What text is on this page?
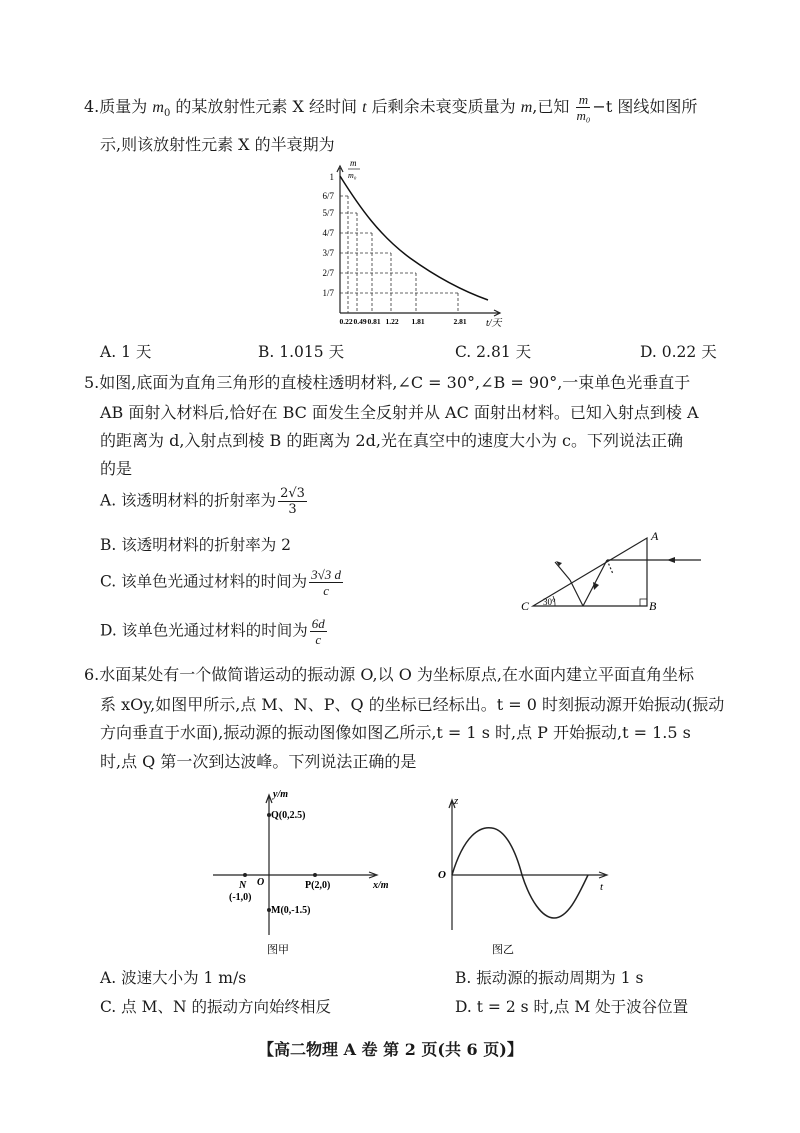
4.质量为 $m_0$ 的某放射性元素 X 经时间 t 后剩余未衰变质量为 m,已知 $\frac{m}{\text{m₀}} -t$ 图线如图所
示,则该放射性元素 X 的半衰期为
m
m₀
1
6/7
5/7
4/7
3/7
2/7
1/7
0.22 0.49 0.81 1.22 1.81	2.81 t/天
A. 1 天	B. 1.015 天	C. 2.81 天	D. 0.22 天
5.如图,底面为直角三角形的直棱柱透明材料,∠C = 30°,∠B = 90°,一束单色光垂直于
AB 面射入材料后,恰好在 BC 面发生全反射并从 AC 面射出材料。已知入射点到棱 A
的距离为 d,入射点到棱 B 的距离为 2d,光在真空中的速度大小为 c。下列说法正确
的是
A. 该透明材料的折射率为 $\frac{2√3}{3}$
B. 该透明材料的折射率为 2
C. 该单色光通过材料的时间为 $\frac{3√3 d}{c}$
D. 该单色光通过材料的时间为 $\frac{6d}{c}$
A
B
C 30°
6.水面某处有一个做简谐运动的振动源 O,以 O 为坐标原点,在水面内建立平面直角坐标
系 xOy,如图甲所示,点 M、N、P、Q 的坐标已经标出。t = 0 时刻振动源开始振动(振动
方向垂直于水面),振动源的振动图像如图乙所示,t = 1 s 时,点 P 开始振动,t = 1.5 s
时,点 Q 第一次到达波峰。下列说法正确的是
y/m
x/m
O
Q(0,2.5)
P(2,0)
N
(-1,0)
M(0,-1.5)
图甲
z
t
O
图乙
A. 波速大小为 1 m/s	B. 振动源的振动周期为 1 s
C. 点 M、N 的振动方向始终相反	D. t = 2 s 时,点 M 处于波谷位置
【高二物理 A 卷 第 2 页(共 6 页)】
